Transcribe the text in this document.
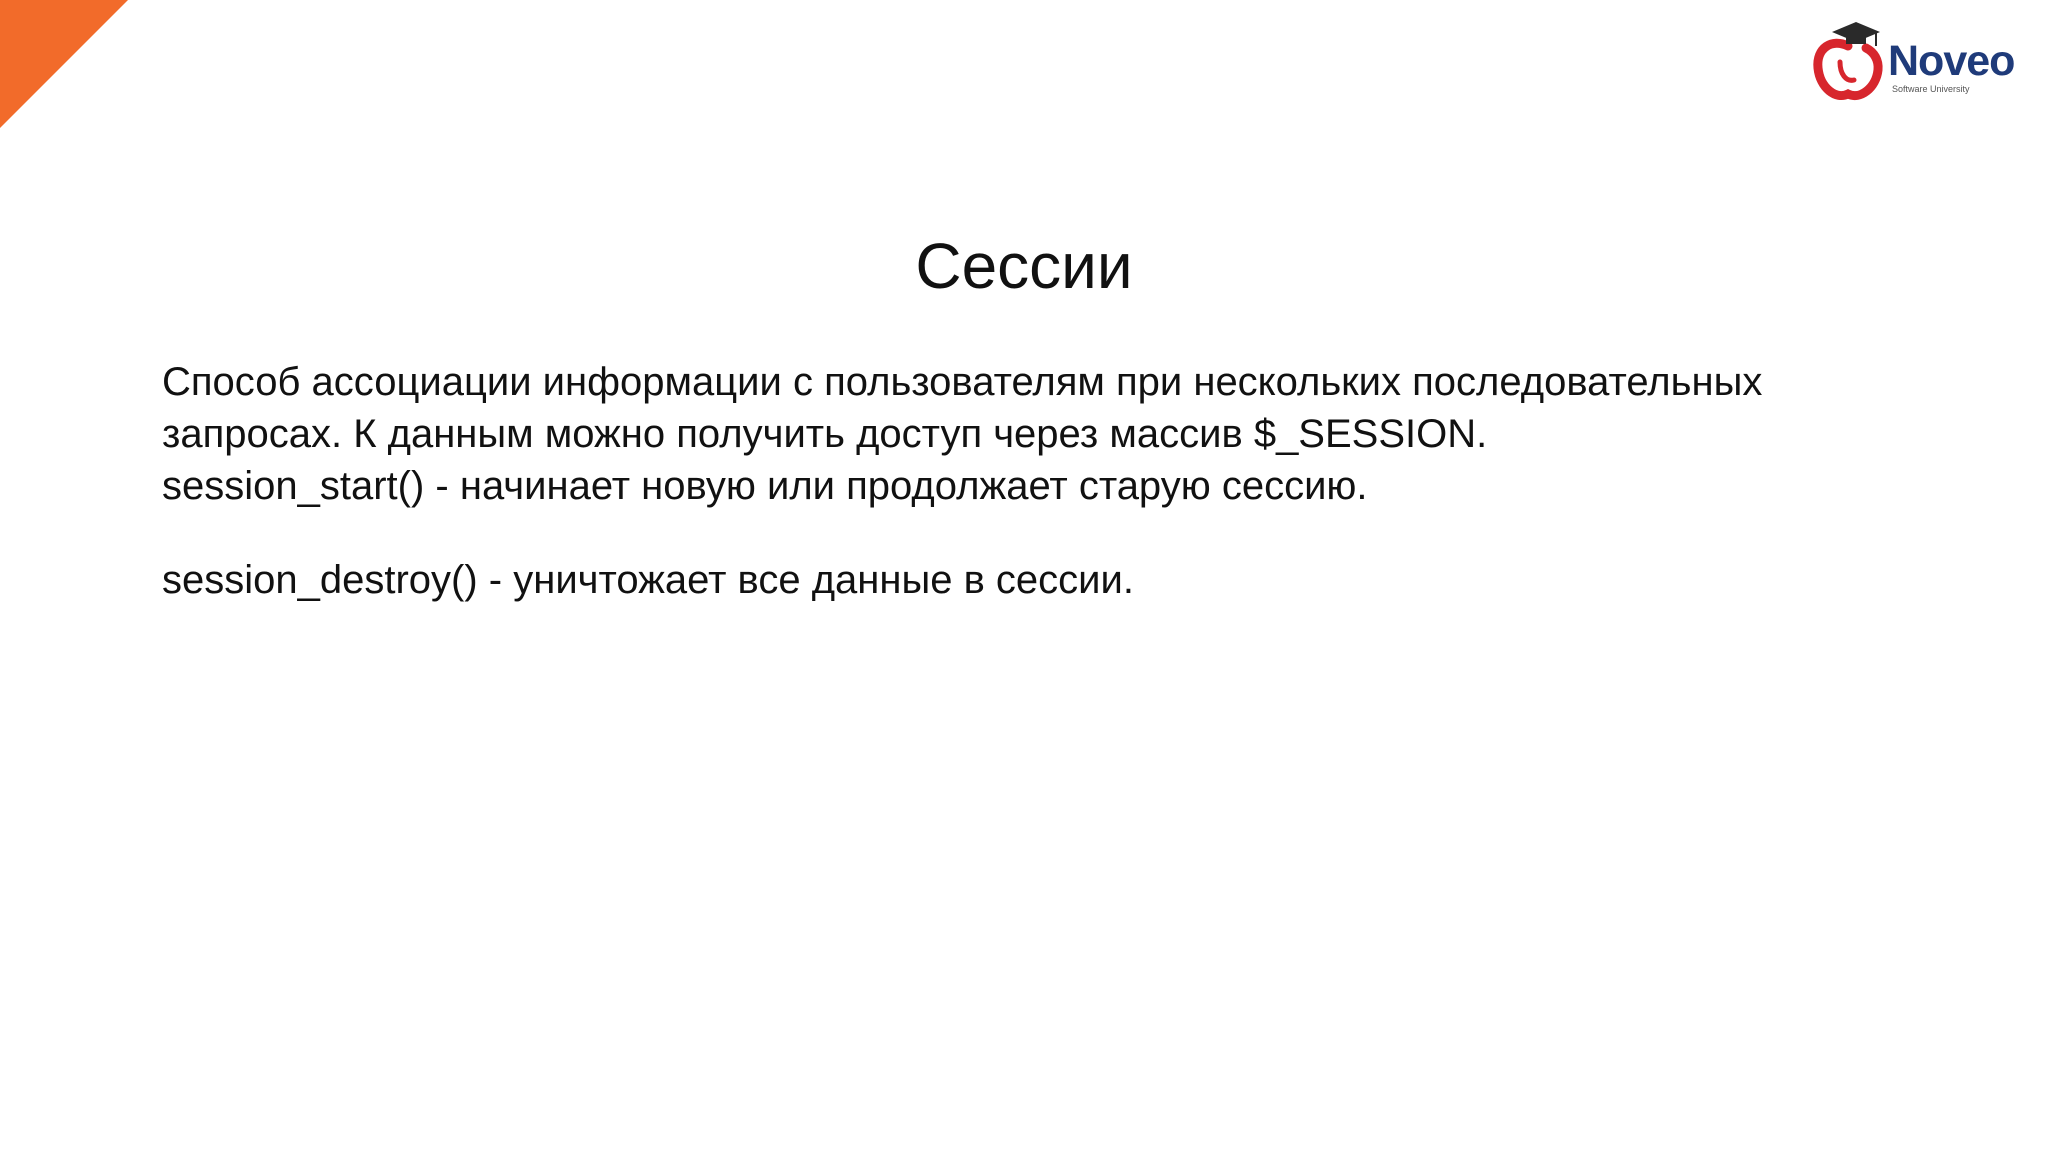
Noveo
Software University
Сессии

Способ ассоциации информации с пользователям при нескольких последовательных запросах. К данным можно получить доступ через массив $_SESSION.

session_start() - начинает новую или продолжает старую сессию.

session_destroy() - уничтожает все данные в сессии.
